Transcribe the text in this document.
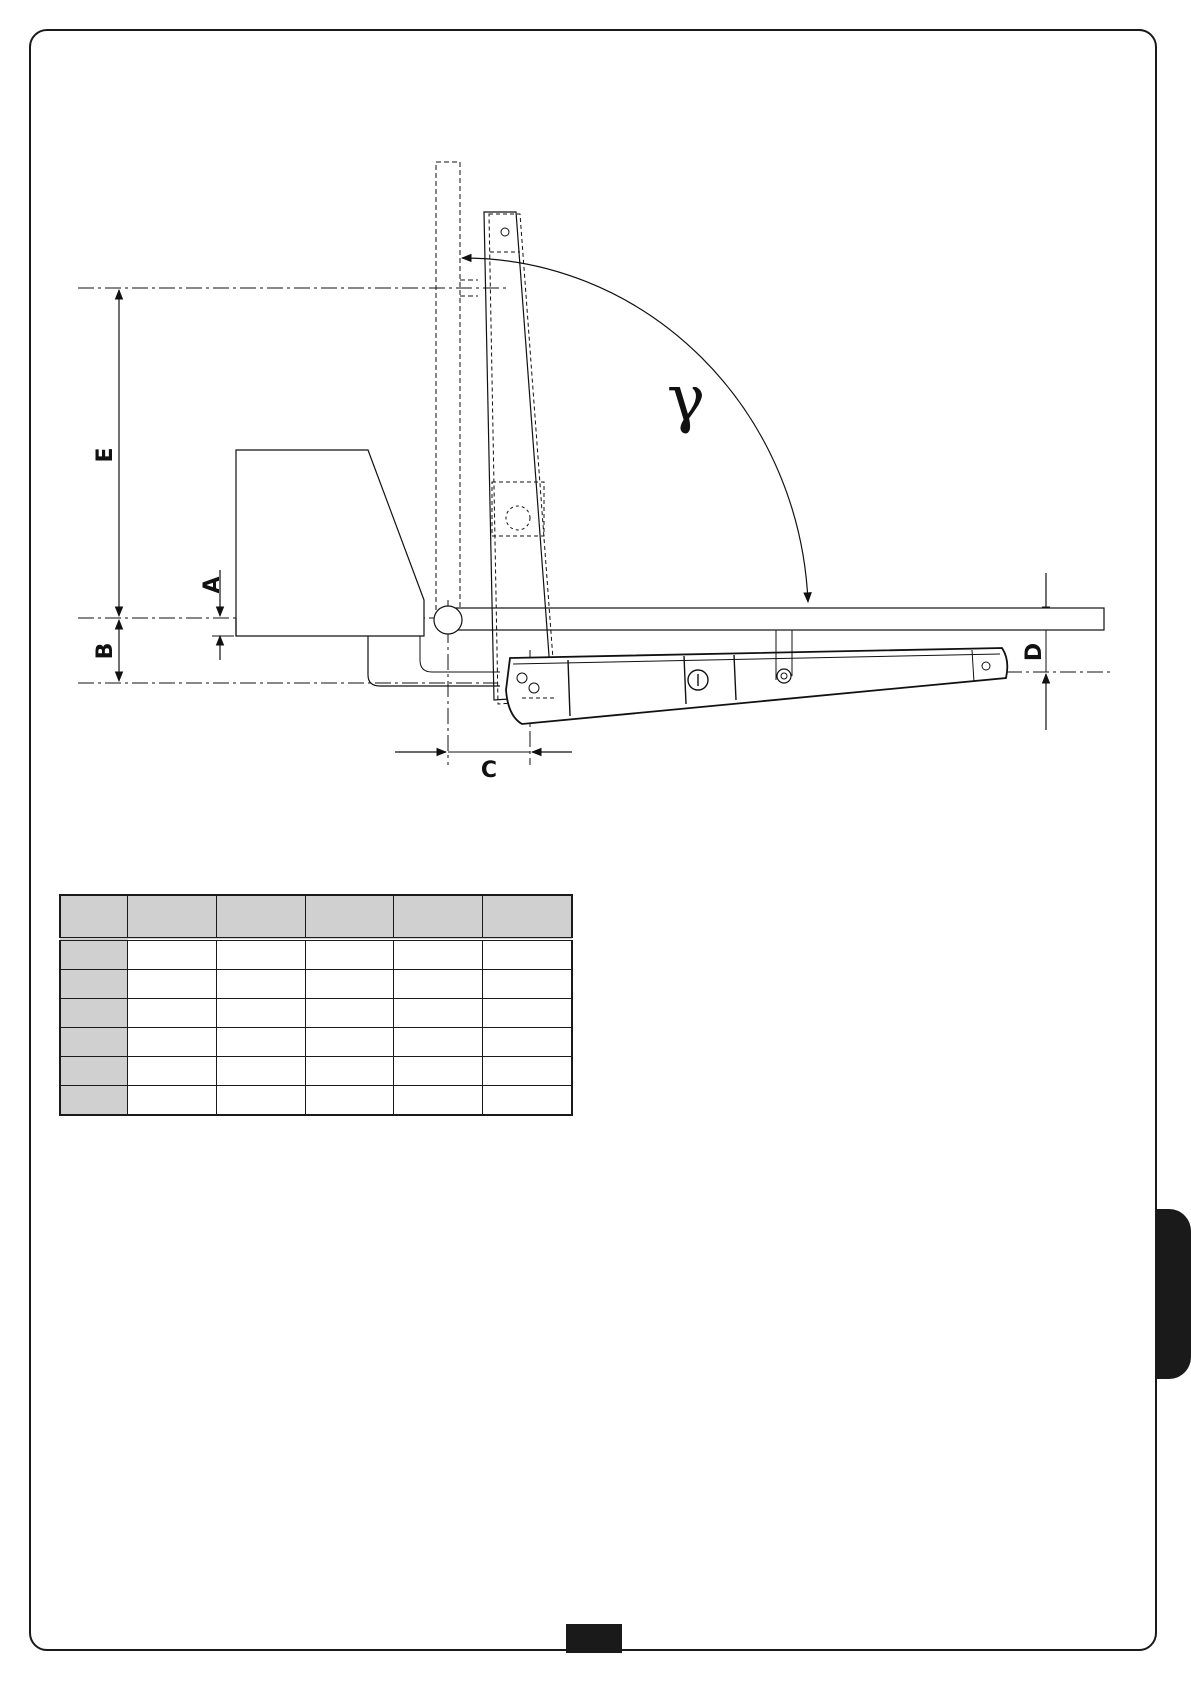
E
B
A
C
D
γ
